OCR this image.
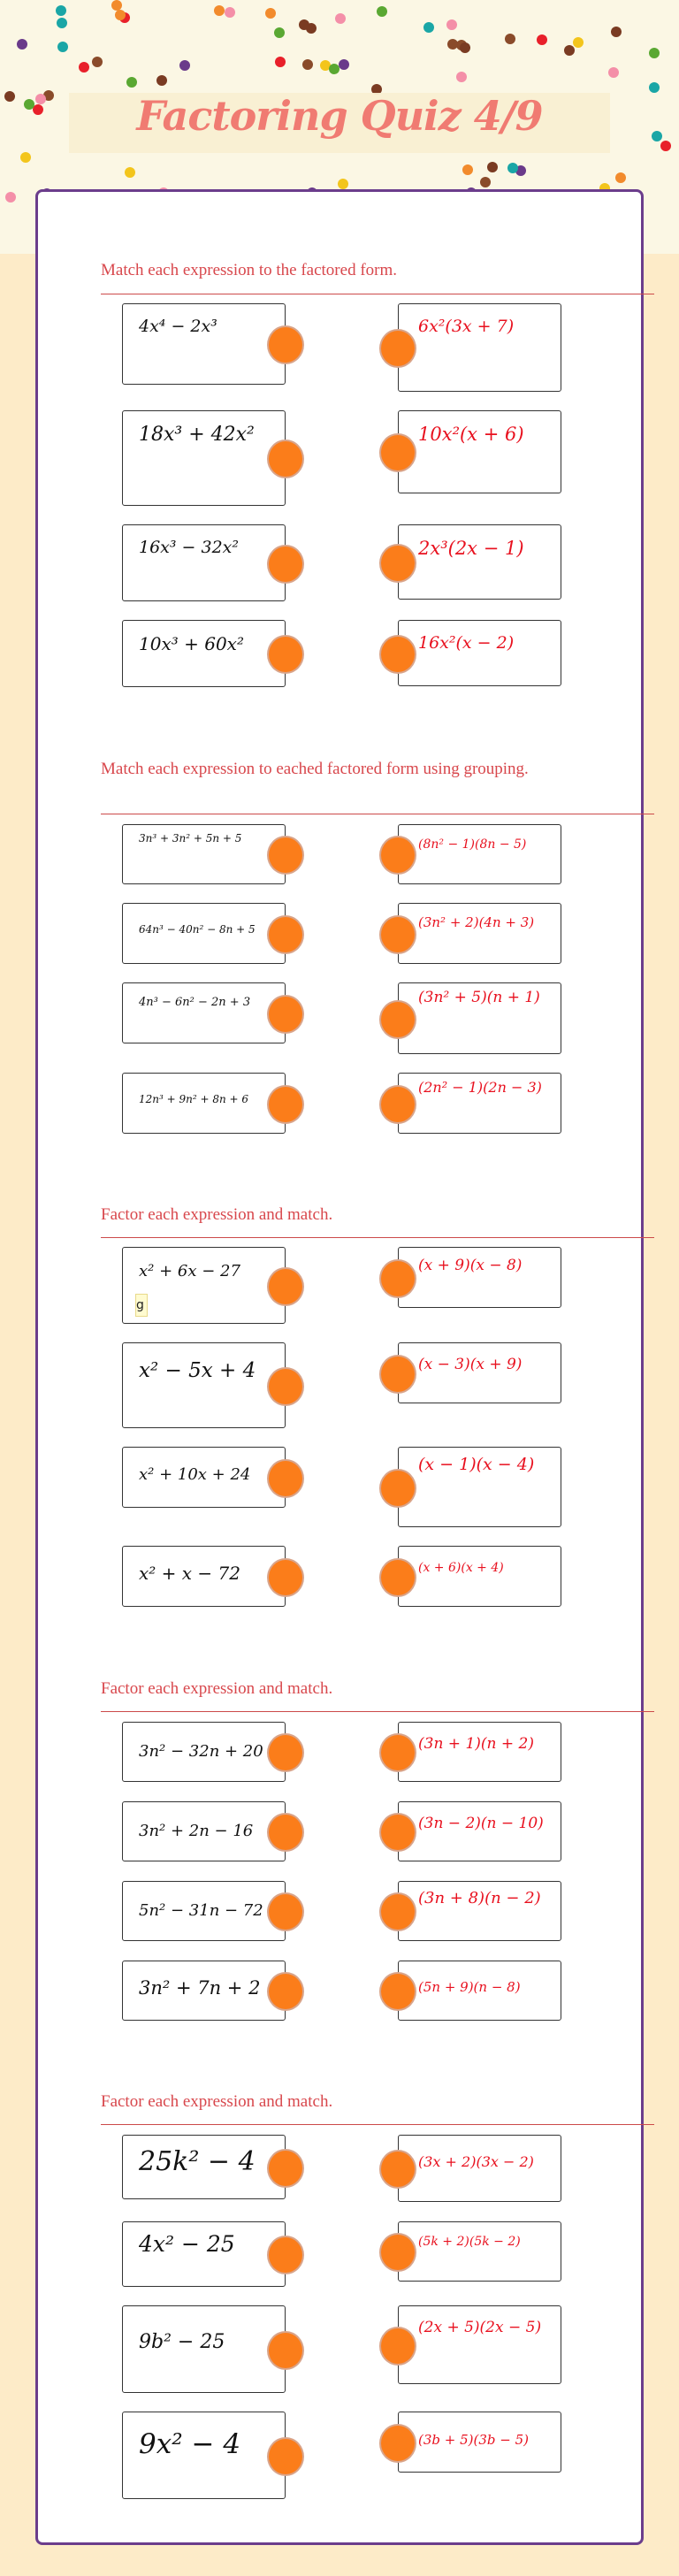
Factoring Quiz 4/9
Match each expression to the factored form.
4x⁴ − 2x³
18x³ + 42x²
16x³ − 32x²
10x³ + 60x²
6x²(3x + 7)
10x²(x + 6)
2x³(2x − 1)
16x²(x − 2)
Match each expression to eached factored form using grouping.
3n³ + 3n² + 5n + 5
64n³ − 40n² − 8n + 5
4n³ − 6n² − 2n + 3
12n³ + 9n² + 8n + 6
(8n² − 1)(8n − 5)
(3n² + 2)(4n + 3)
(3n² + 5)(n + 1)
(2n² − 1)(2n − 3)
Factor each expression and match.
x² + 6x − 27
g
x² − 5x + 4
x² + 10x + 24
x² + x − 72
(x + 9)(x − 8)
(x − 3)(x + 9)
(x − 1)(x − 4)
(x + 6)(x + 4)
Factor each expression and match.
3n² − 32n + 20
3n² + 2n − 16
5n² − 31n − 72
3n² + 7n + 2
(3n + 1)(n + 2)
(3n − 2)(n − 10)
(3n + 8)(n − 2)
(5n + 9)(n − 8)
Factor each expression and match.
25k² − 4
4x² − 25
9b² − 25
9x² − 4
(3x + 2)(3x − 2)
(5k + 2)(5k − 2)
(2x + 5)(2x − 5)
(3b + 5)(3b − 5)
